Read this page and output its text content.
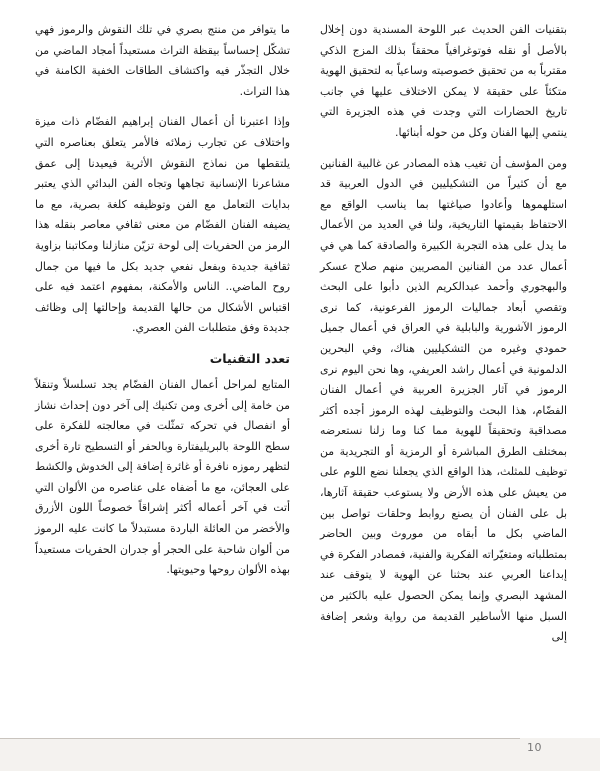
بتقنيات الفن الحديث عبر اللوحة المسندية دون إخلال بالأصل أو نقله فوتوغرافياً محققاً بذلك المزج الذكي مقترباً به من تحقيق خصوصيته وساعياً به لتحقيق الهوية متكئاً على حقيقة لا يمكن الاختلاف عليها في جانب تاريخ الحضارات التي وجدت في هذه الجزيرة التي ينتمي إليها الفنان وكل من حوله أبنائها.

ومن المؤسف أن تغيب هذه المصادر عن غالبية الفنانين مع أن كثيراً من التشكيليين في الدول العربية قد استلهموها وأعادوا صياغتها بما يناسب الواقع مع الاحتفاظ بقيمتها التاريخية، ولنا في العديد من الأعمال ما يدل على هذه التجربة الكبيرة والصادقة كما هي في أعمال عدد من الفنانين المصريين منهم صلاح عسكر والبهجوري وأحمد عبدالكريم الذين دأبوا على البحث وتقصي أبعاد جماليات الرموز الفرعونية، كما نرى الرموز الآشورية والبابلية في العراق في أعمال جميل حمودي وغيره من التشكيليين هناك، وفي البحرين الدلمونية في أعمال راشد العريفي، وها نحن اليوم نرى الرموز في آثار الجزيرة العربية في أعمال الفنان الفضّام، هذا البحث والتوظيف لهذه الرموز أجده أكثر مصداقية وتحقيقاً للهوية مما كنا وما زلنا نستعرضه بمختلف الطرق المباشرة أو الرمزية أو التجريدية من توظيف للمثلث، هذا الواقع الذي يجعلنا نضع اللوم على من يعيش على هذه الأرض ولا يستوعب حقيقة آثارها، بل على الفنان أن يصنع روابط وحلقات تواصل بين الماضي بكل ما أبقاه من موروث وبين الحاضر بمتطلباته ومتغيّراته الفكرية والفنية، فمصادر الفكرة في إبداعنا العربي عند بحثنا عن الهوية لا يتوقف عند المشهد البصري وإنما يمكن الحصول عليه بالكثير من السبل منها الأساطير القديمة من رواية وشعر إضافة إلى

ما يتوافر من منتج بصري في تلك النقوش والرموز فهي تشكّل إحساساً بيقظة التراث مستعيداً أمجاد الماضي من خلال التجذّر فيه واكتشاف الطاقات الخفية الكامنة في هذا التراث.

وإذا اعتبرنا أن أعمال الفنان إبراهيم الفضّام ذات ميزة واختلاف عن تجارب زملائه فالأمر يتعلق بعناصره التي يلتقطها من نماذج النقوش الأثرية فيعيدنا إلى عمق مشاعرنا الإنسانية تجاهها وتجاه الفن البدائي الذي يعتبر بدايات التعامل مع الفن وتوظيفه كلغة بصرية، مع ما يضيفه الفنان الفضّام من معنى ثقافي معاصر بنقله هذا الرمز من الحفريات إلى لوحة تزيّن منازلنا ومكاتبنا بزاوية ثقافية جديدة وبفعل نفعي جديد بكل ما فيها من جمال روح الماضي.. الناس والأمكنة، بمفهوم اعتمد فيه على اقتباس الأشكال من حالها القديمة وإحالتها إلى وظائف جديدة وفق متطلبات الفن العصري.

تعدد التقنيات

المتابع لمراحل أعمال الفنان الفضّام يجد تسلسلاً وتنقلاً من خامة إلى أخرى ومن تكنيك إلى آخر دون إحداث نشاز أو انفصال في تحركه تمثّلت في معالجته للفكرة على سطح اللوحة بالبريليفتارة وبالحفر أو التسطيح تارة أخرى لتظهر رموزه نافرة أو غائرة إضافة إلى الخدوش والكشط على العجائن، مع ما أضفاه على عناصره من الألوان التي أتت في آخر أعماله أكثر إشراقاً خصوصاً اللون الأزرق والأخضر من العائلة الباردة مستبدلاً ما كانت عليه الرموز من ألوان شاحبة على الحجر أو جدران الحفريات مستعيداً بهذه الألوان روحها وحيويتها.

10
